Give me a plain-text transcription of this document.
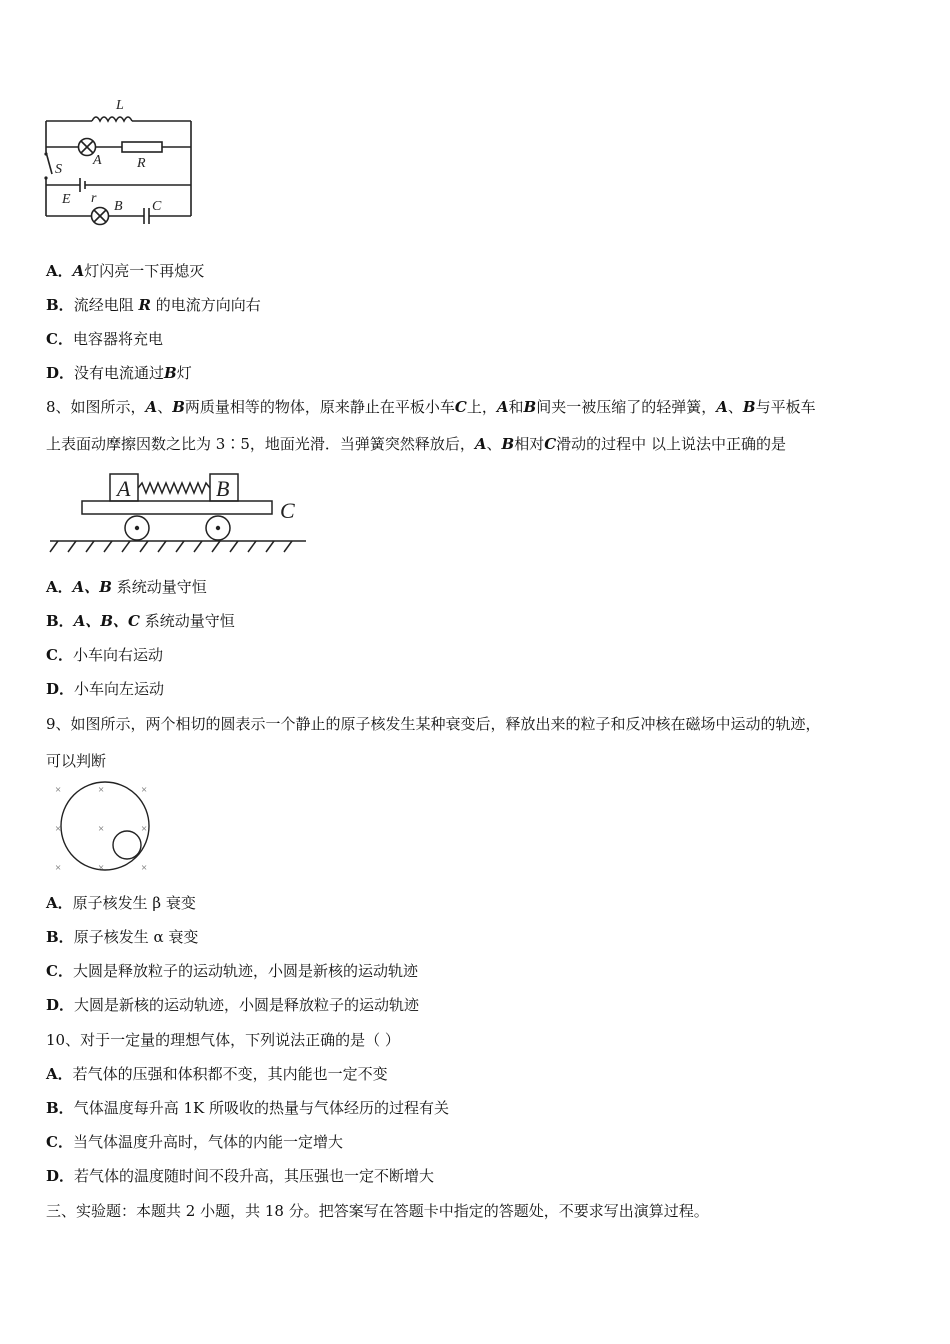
L
A	R
S
E r
B C
A．A灯闪亮一下再熄灭
B．流经电阻 R 的电流方向向右
C．电容器将充电
D．没有电流通过B灯
8、如图所示，A、B两质量相等的物体，原来静止在平板小车C上，A和B间夹一被压缩了的轻弹簧，A、B与平板车
上表面动摩擦因数之比为 3∶5，地面光滑．当弹簧突然释放后，A、B相对C滑动的过程中 以上说法中正确的是
A	B
C
A．A、B 系统动量守恒
B．A、B、C 系统动量守恒
C．小车向右运动
D．小车向左运动
9、如图所示，两个相切的圆表示一个静止的原子核发生某种衰变后，释放出来的粒子和反冲核在磁场中运动的轨迹，
可以判断
×	×	×
×	×	×
×	×	×
A．原子核发生 β 衰变
B．原子核发生 α 衰变
C．大圆是释放粒子的运动轨迹，小圆是新核的运动轨迹
D．大圆是新核的运动轨迹，小圆是释放粒子的运动轨迹
10、对于一定量的理想气体，下列说法正确的是（ ）
A．若气体的压强和体积都不变，其内能也一定不变
B．气体温度每升高 1K 所吸收的热量与气体经历的过程有关
C．当气体温度升高时，气体的内能一定增大
D．若气体的温度随时间不段升高，其压强也一定不断增大
三、实验题：本题共 2 小题，共 18 分。把答案写在答题卡中指定的答题处，不要求写出演算过程。
